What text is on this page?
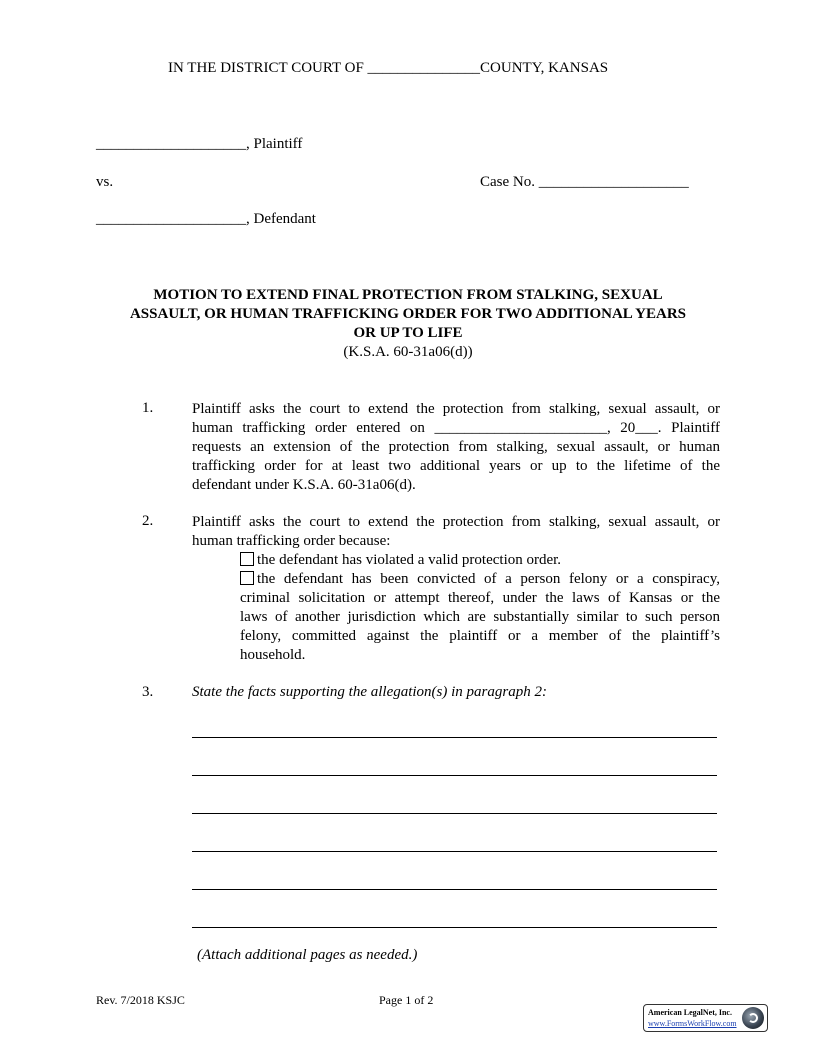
IN THE DISTRICT COURT OF _______________COUNTY, KANSAS
____________________, Plaintiff
vs.	Case No. ____________________
____________________, Defendant
MOTION TO EXTEND FINAL PROTECTION FROM STALKING, SEXUAL
ASSAULT, OR HUMAN TRAFFICKING ORDER FOR TWO ADDITIONAL YEARS
OR UP TO LIFE
(K.S.A. 60-31a06(d))
1.	Plaintiff asks the court to extend the protection from stalking, sexual assault, or
human trafficking order entered on _______________________, 20___. Plaintiff
requests an extension of the protection from stalking, sexual assault, or human
trafficking order for at least two additional years or up to the lifetime of the
defendant under K.S.A. 60-31a06(d).
2.	Plaintiff asks the court to extend the protection from stalking, sexual assault, or
human trafficking order because:
the defendant has violated a valid protection order.
the defendant has been convicted of a person felony or a conspiracy,
criminal solicitation or attempt thereof, under the laws of Kansas or the
laws of another jurisdiction which are substantially similar to such person
felony, committed against the plaintiff or a member of the plaintiff’s
household.
3.	State the facts supporting the allegation(s) in paragraph 2:
(Attach additional pages as needed.)
Rev. 7/2018 KSJC	Page 1 of 2
American LegalNet, Inc.
www.FormsWorkFlow.com
